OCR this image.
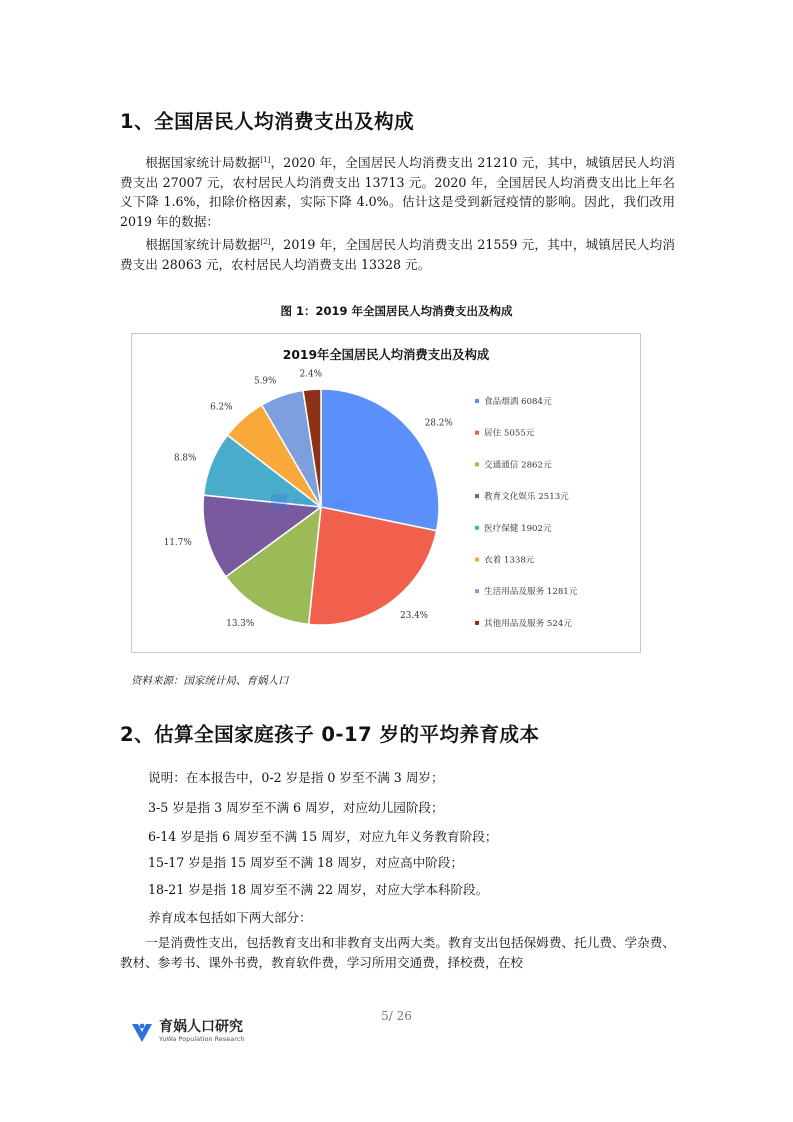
1、全国居民人均消费支出及构成
根据国家统计局数据[1]，2020 年，全国居民人均消费支出 21210 元，其中，城镇居民人均消费支出 27007 元，农村居民人均消费支出 13713 元。2020 年，全国居民人均消费支出比上年名义下降 1.6%，扣除价格因素，实际下降 4.0%。估计这是受到新冠疫情的影响。因此，我们改用 2019 年的数据：
根据国家统计局数据[2]，2019 年，全国居民人均消费支出 21559 元，其中，城镇居民人均消费支出 28063 元，农村居民人均消费支出 13328 元。
图 1：2019 年全国居民人均消费支出及构成
2019年全国居民人均消费支出及构成
28.2%
23.4%
13.3%
11.7%
8.8%
6.2%
5.9%
2.4%
食品烟酒 6084元
居住 5055元
交通通信 2862元
教育文化娱乐 2513元
医疗保健 1902元
衣着 1338元
生活用品及服务 1281元
其他用品及服务 524元
育娲人口研究
资料来源：国家统计局、育娲人口
2、估算全国家庭孩子 0-17 岁的平均养育成本
说明：在本报告中，0-2 岁是指 0 岁至不满 3 周岁；
3-5 岁是指 3 周岁至不满 6 周岁，对应幼儿园阶段；
6-14 岁是指 6 周岁至不满 15 周岁，对应九年义务教育阶段；
15-17 岁是指 15 周岁至不满 18 周岁，对应高中阶段；
18-21 岁是指 18 周岁至不满 22 周岁，对应大学本科阶段。
养育成本包括如下两大部分：
一是消费性支出，包括教育支出和非教育支出两大类。教育支出包括保姆费、托儿费、学杂费、教材、参考书、课外书费，教育软件费，学习所用交通费，择校费，在校
5/ 26
育娲人口研究
YuWa Population Research
